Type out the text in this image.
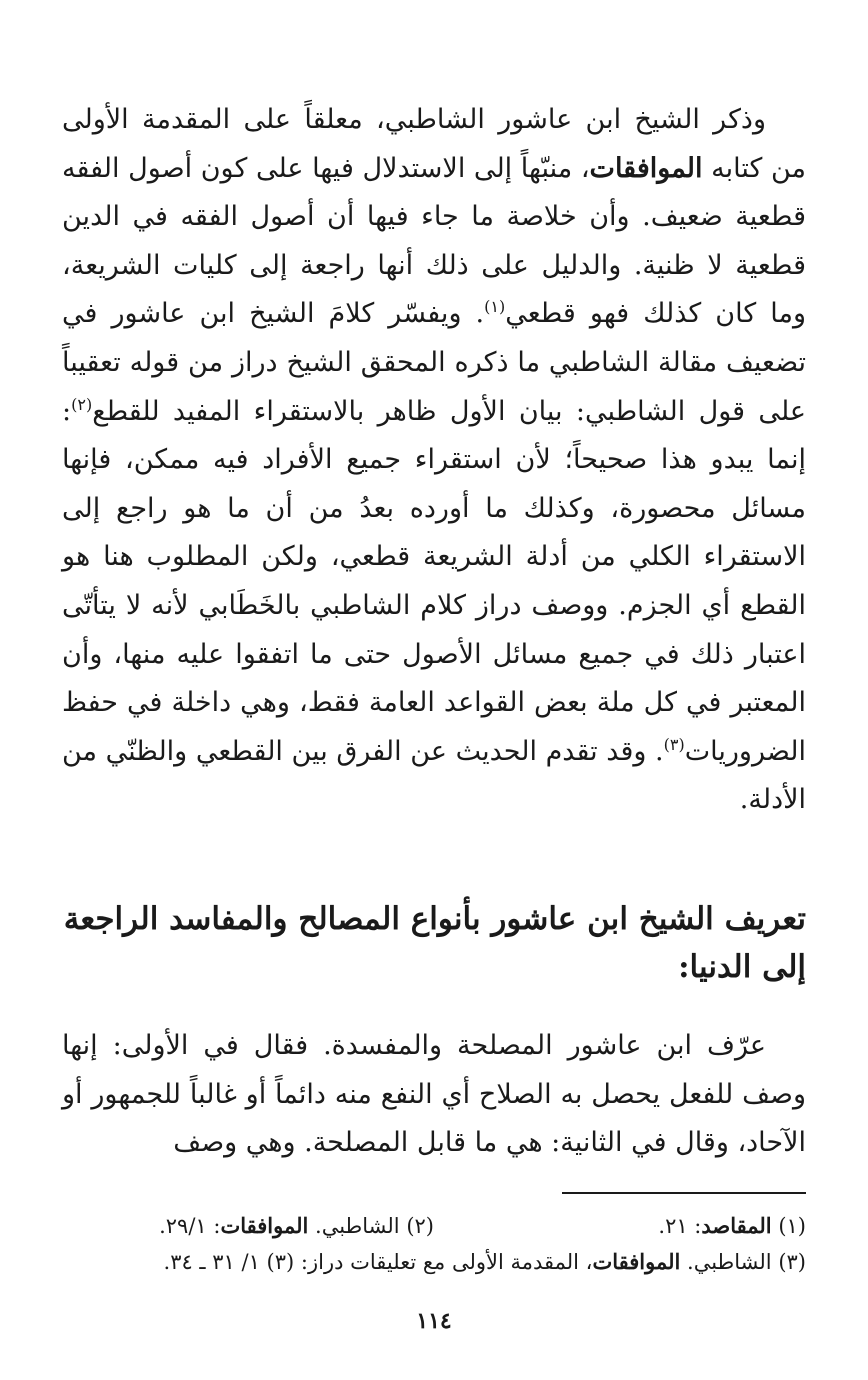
وذكر الشيخ ابن عاشور الشاطبي، معلقاً على المقدمة الأولى من كتابه الموافقات، منبّهاً إلى الاستدلال فيها على كون أصول الفقه قطعية ضعيف. وأن خلاصة ما جاء فيها أن أصول الفقه في الدين قطعية لا ظنية. والدليل على ذلك أنها راجعة إلى كليات الشريعة، وما كان كذلك فهو قطعي$^{(١)}$. ويفسّر كلامَ الشيخ ابن عاشور في تضعيف مقالة الشاطبي ما ذكره المحقق الشيخ دراز من قوله تعقيباً على قول الشاطبي: بيان الأول ظاهر بالاستقراء المفيد للقطع$^{(٢)}$: إنما يبدو هذا صحيحاً؛ لأن استقراء جميع الأفراد فيه ممكن، فإنها مسائل محصورة، وكذلك ما أورده بعدُ من أن ما هو راجع إلى الاستقراء الكلي من أدلة الشريعة قطعي، ولكن المطلوب هنا هو القطع أي الجزم. ووصف دراز كلام الشاطبي بالخَطَابي لأنه لا يتأتّى اعتبار ذلك في جميع مسائل الأصول حتى ما اتفقوا عليه منها، وأن المعتبر في كل ملة بعض القواعد العامة فقط، وهي داخلة في حفظ الضروريات$^{(٣)}$. وقد تقدم الحديث عن الفرق بين القطعي والظنّي من الأدلة.

تعريف الشيخ ابن عاشور بأنواع المصالح والمفاسد الراجعة إلى الدنيا:

عرّف ابن عاشور المصلحة والمفسدة. فقال في الأولى: إنها وصف للفعل يحصل به الصلاح أي النفع منه دائماً أو غالباً للجمهور أو الآحاد، وقال في الثانية: هي ما قابل المصلحة. وهي وصف

(١) المقاصد: ٢١.
(٢) الشاطبي. الموافقات: ٢٩/١.
(٣) الشاطبي. الموافقات، المقدمة الأولى مع تعليقات دراز: (٣) ١/ ٣١ ـ ٣٤.
١١٤
